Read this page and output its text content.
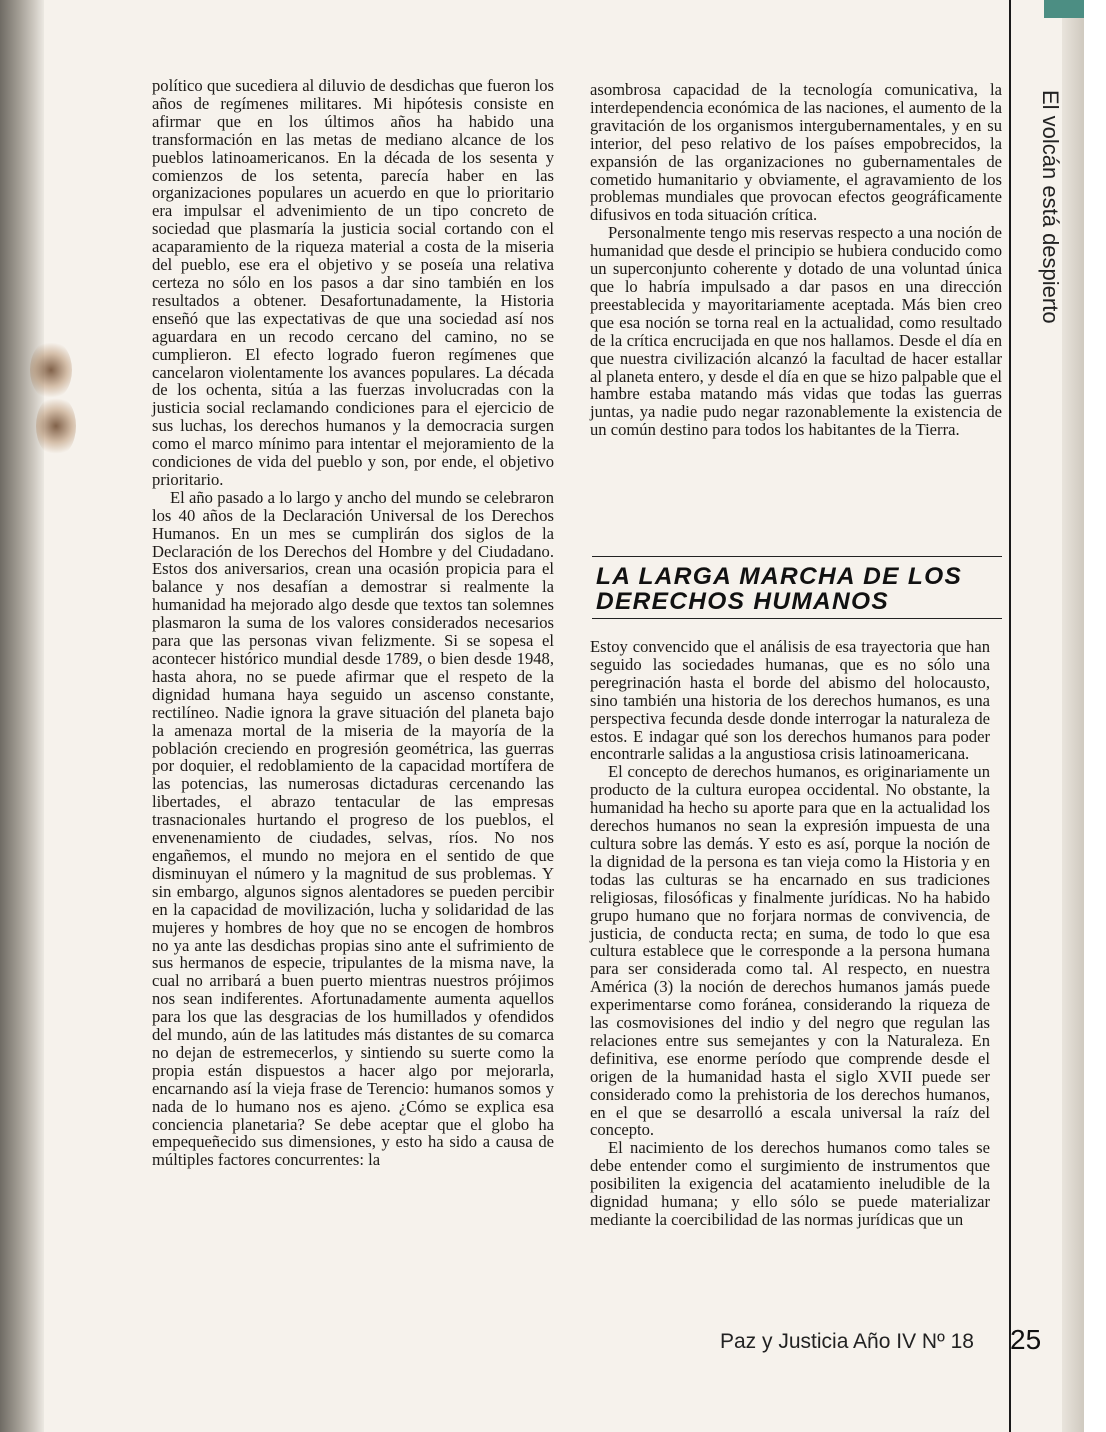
El volcán está despierto

político que sucediera al diluvio de desdichas que fueron los años de regímenes militares. Mi hipótesis consiste en afirmar que en los últimos años ha habido una transformación en las metas de mediano alcance de los pueblos latinoamericanos. En la década de los sesenta y comienzos de los setenta, parecía haber en las organizaciones populares un acuerdo en que lo prioritario era impulsar el advenimiento de un tipo concreto de sociedad que plasmaría la justicia social cortando con el acaparamiento de la riqueza material a costa de la miseria del pueblo, ese era el objetivo y se poseía una relativa certeza no sólo en los pasos a dar sino también en los resultados a obtener. Desafortunadamente, la Historia enseñó que las expectativas de que una sociedad así nos aguardara en un recodo cercano del camino, no se cumplieron. El efecto logrado fueron regímenes que cancelaron violentamente los avances populares. La década de los ochenta, sitúa a las fuerzas involucradas con la justicia social reclamando condiciones para el ejercicio de sus luchas, los derechos humanos y la democracia surgen como el marco mínimo para intentar el mejoramiento de la condiciones de vida del pueblo y son, por ende, el objetivo prioritario.

El año pasado a lo largo y ancho del mundo se celebraron los 40 años de la Declaración Universal de los Derechos Humanos. En un mes se cumplirán dos siglos de la Declaración de los Derechos del Hombre y del Ciudadano. Estos dos aniversarios, crean una ocasión propicia para el balance y nos desafían a demostrar si realmente la humanidad ha mejorado algo desde que textos tan solemnes plasmaron la suma de los valores considerados necesarios para que las personas vivan felizmente. Si se sopesa el acontecer histórico mundial desde 1789, o bien desde 1948, hasta ahora, no se puede afirmar que el respeto de la dignidad humana haya seguido un ascenso constante, rectilíneo. Nadie ignora la grave situación del planeta bajo la amenaza mortal de la miseria de la mayoría de la población creciendo en progresión geométrica, las guerras por doquier, el redoblamiento de la capacidad mortífera de las potencias, las numerosas dictaduras cercenando las libertades, el abrazo tentacular de las empresas trasnacionales hurtando el progreso de los pueblos, el envenenamiento de ciudades, selvas, ríos. No nos engañemos, el mundo no mejora en el sentido de que disminuyan el número y la magnitud de sus problemas. Y sin embargo, algunos signos alentadores se pueden percibir en la capacidad de movilización, lucha y solidaridad de las mujeres y hombres de hoy que no se encogen de hombros no ya ante las desdichas propias sino ante el sufrimiento de sus hermanos de especie, tripulantes de la misma nave, la cual no arribará a buen puerto mientras nuestros prójimos nos sean indiferentes. Afortunadamente aumenta aquellos para los que las desgracias de los humillados y ofendidos del mundo, aún de las latitudes más distantes de su comarca no dejan de estremecerlos, y sintiendo su suerte como la propia están dispuestos a hacer algo por mejorarla, encarnando así la vieja frase de Terencio: humanos somos y nada de lo humano nos es ajeno. ¿Cómo se explica esa conciencia planetaria? Se debe aceptar que el globo ha empequeñecido sus dimensiones, y esto ha sido a causa de múltiples factores concurrentes: la

asombrosa capacidad de la tecnología comunicativa, la interdependencia económica de las naciones, el aumento de la gravitación de los organismos intergubernamentales, y en su interior, del peso relativo de los países empobrecidos, la expansión de las organizaciones no gubernamentales de cometido humanitario y obviamente, el agravamiento de los problemas mundiales que provocan efectos geográficamente difusivos en toda situación crítica.

Personalmente tengo mis reservas respecto a una noción de humanidad que desde el principio se hubiera conducido como un superconjunto coherente y dotado de una voluntad única que lo habría impulsado a dar pasos en una dirección preestablecida y mayoritariamente aceptada. Más bien creo que esa noción se torna real en la actualidad, como resultado de la crítica encrucijada en que nos hallamos. Desde el día en que nuestra civilización alcanzó la facultad de hacer estallar al planeta entero, y desde el día en que se hizo palpable que el hambre estaba matando más vidas que todas las guerras juntas, ya nadie pudo negar razonablemente la existencia de un común destino para todos los habitantes de la Tierra.

LA LARGA MARCHA DE LOS DERECHOS HUMANOS

Estoy convencido que el análisis de esa trayectoria que han seguido las sociedades humanas, que es no sólo una peregrinación hasta el borde del abismo del holocausto, sino también una historia de los derechos humanos, es una perspectiva fecunda desde donde interrogar la naturaleza de estos. E indagar qué son los derechos humanos para poder encontrarle salidas a la angustiosa crisis latinoamericana.

El concepto de derechos humanos, es originariamente un producto de la cultura europea occidental. No obstante, la humanidad ha hecho su aporte para que en la actualidad los derechos humanos no sean la expresión impuesta de una cultura sobre las demás. Y esto es así, porque la noción de la dignidad de la persona es tan vieja como la Historia y en todas las culturas se ha encarnado en sus tradiciones religiosas, filosóficas y finalmente jurídicas. No ha habido grupo humano que no forjara normas de convivencia, de justicia, de conducta recta; en suma, de todo lo que esa cultura establece que le corresponde a la persona humana para ser considerada como tal. Al respecto, en nuestra América (3) la noción de derechos humanos jamás puede experimentarse como foránea, considerando la riqueza de las cosmovisiones del indio y del negro que regulan las relaciones entre sus semejantes y con la Naturaleza. En definitiva, ese enorme período que comprende desde el origen de la humanidad hasta el siglo XVII puede ser considerado como la prehistoria de los derechos humanos, en el que se desarrolló a escala universal la raíz del concepto.

El nacimiento de los derechos humanos como tales se debe entender como el surgimiento de instrumentos que posibiliten la exigencia del acatamiento ineludible de la dignidad humana; y ello sólo se puede materializar mediante la coercibilidad de las normas jurídicas que un

Paz y Justicia Año IV Nº 18 25
